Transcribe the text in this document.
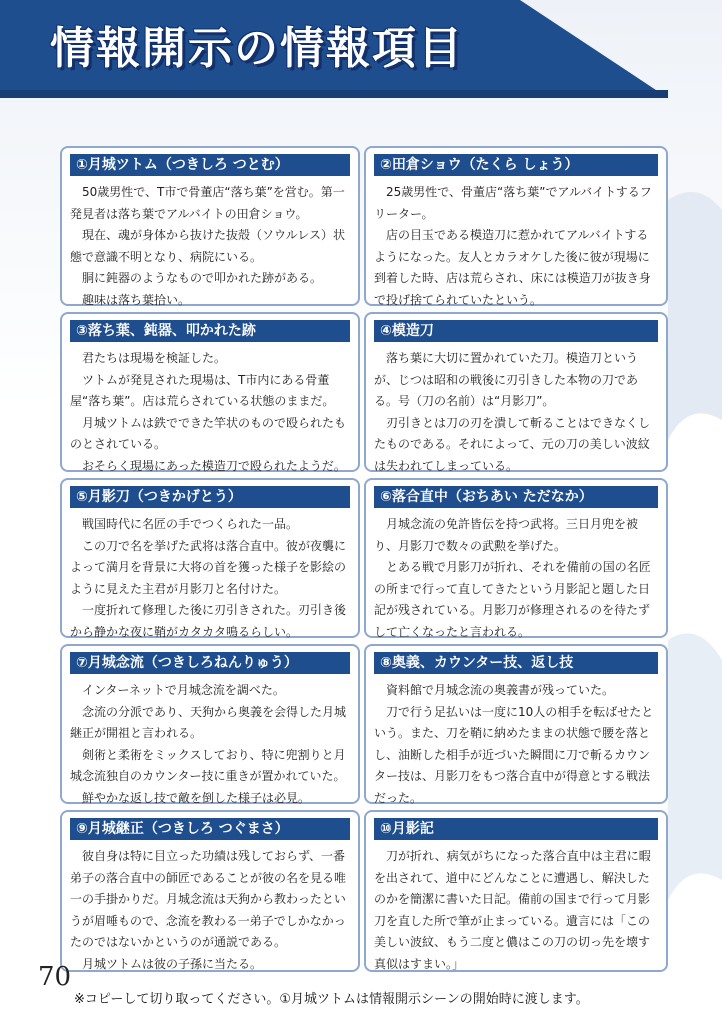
情報開示の情報項目
①月城ツトム（つきしろ つとむ）

50歳男性で、T市で骨董店“落ち葉”を営む。第一発見者は落ち葉でアルバイトの田倉ショウ。

現在、魂が身体から抜けた抜殻（ソウルレス）状態で意識不明となり、病院にいる。

胴に鈍器のようなもので叩かれた跡がある。

趣味は落ち葉拾い。

②田倉ショウ（たくら しょう）

25歳男性で、骨董店“落ち葉”でアルバイトするフリーター。

店の目玉である模造刀に惹かれてアルバイトするようになった。友人とカラオケした後に彼が現場に到着した時、店は荒らされ、床には模造刀が抜き身で投げ捨てられていたという。

③落ち葉、鈍器、叩かれた跡

君たちは現場を検証した。

ツトムが発見された現場は、T市内にある骨董屋“落ち葉”。店は荒らされている状態のままだ。

月城ツトムは鉄でできた竿状のもので殴られたものとされている。

おそらく現場にあった模造刀で殴られたようだ。

④模造刀

落ち葉に大切に置かれていた刀。模造刀というが、じつは昭和の戦後に刃引きした本物の刀である。号（刀の名前）は“月影刀”。

刃引きとは刀の刃を潰して斬ることはできなくしたものである。それによって、元の刀の美しい波紋は失われてしまっている。

⑤月影刀（つきかげとう）

戦国時代に名匠の手でつくられた一品。

この刀で名を挙げた武将は落合直中。彼が夜襲によって満月を背景に大将の首を獲った様子を影絵のように見えた主君が月影刀と名付けた。

一度折れて修理した後に刃引きされた。刃引き後から静かな夜に鞘がカタカタ鳴るらしい。

⑥落合直中（おちあい ただなか）

月城念流の免許皆伝を持つ武将。三日月兜を被り、月影刀で数々の武勲を挙げた。

とある戦で月影刀が折れ、それを備前の国の名匠の所まで行って直してきたという月影記と題した日記が残されている。月影刀が修理されるのを待たずして亡くなったと言われる。

⑦月城念流（つきしろねんりゅう）

インターネットで月城念流を調べた。

念流の分派であり、天狗から奥義を会得した月城継正が開祖と言われる。

剣術と柔術をミックスしており、特に兜割りと月城念流独自のカウンター技に重きが置かれていた。

鮮やかな返し技で敵を倒した様子は必見。

⑧奥義、カウンター技、返し技

資料館で月城念流の奥義書が残っていた。

刀で行う足払いは一度に10人の相手を転ばせたという。また、刀を鞘に納めたままの状態で腰を落とし、油断した相手が近づいた瞬間に刀で斬るカウンター技は、月影刀をもつ落合直中が得意とする戦法だった。

⑨月城継正（つきしろ つぐまさ）

彼自身は特に目立った功績は残しておらず、一番弟子の落合直中の師匠であることが彼の名を見る唯一の手掛かりだ。月城念流は天狗から教わったというが眉唾もので、念流を教わる一弟子でしかなかったのではないかというのが通説である。

月城ツトムは彼の子孫に当たる。

⑩月影記

刀が折れ、病気がちになった落合直中は主君に暇を出されて、道中にどんなことに遭遇し、解決したのかを簡潔に書いた日記。備前の国まで行って月影刀を直した所で筆が止まっている。遺言には「この美しい波紋、もう二度と儂はこの刀の切っ先を壊す真似はすまい。」

70
※コピーして切り取ってください。①月城ツトムは情報開示シーンの開始時に渡します。
